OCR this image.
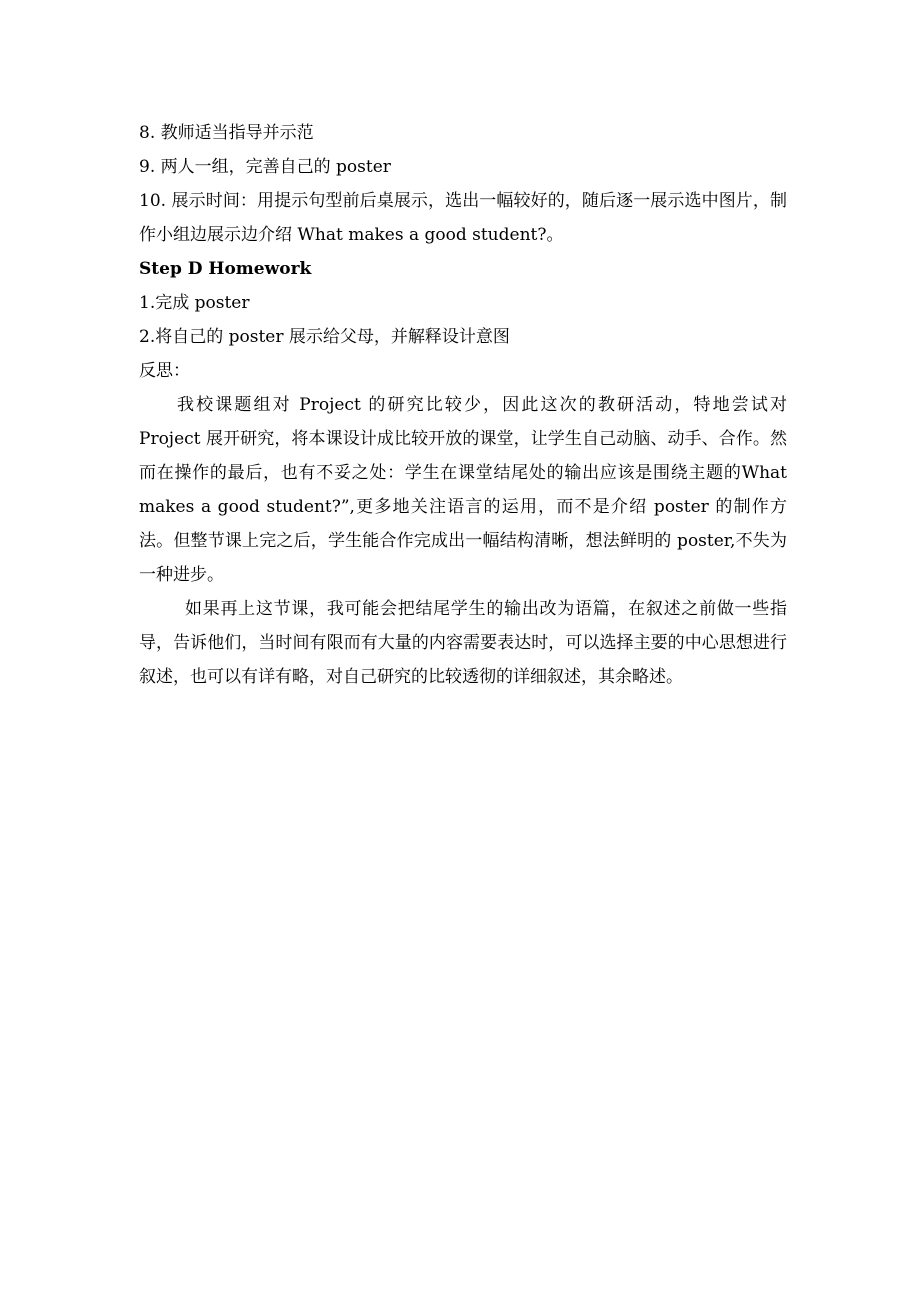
8. 教师适当指导并示范

9. 两人一组，完善自己的 poster

10. 展示时间：用提示句型前后桌展示，选出一幅较好的，随后逐一展示选中图片，制作小组边展示边介绍 What makes a good student?。

Step D Homework

1.完成 poster

2.将自己的 poster 展示给父母，并解释设计意图

反思：

我校课题组对 Project 的研究比较少，因此这次的教研活动，特地尝试对 Project 展开研究，将本课设计成比较开放的课堂，让学生自己动脑、动手、合作。然而在操作的最后，也有不妥之处：学生在课堂结尾处的输出应该是围绕主题的What makes a good student?”,更多地关注语言的运用，而不是介绍 poster 的制作方法。但整节课上完之后，学生能合作完成出一幅结构清晰，想法鲜明的 poster,不失为一种进步。

如果再上这节课，我可能会把结尾学生的输出改为语篇，在叙述之前做一些指导，告诉他们，当时间有限而有大量的内容需要表达时，可以选择主要的中心思想进行叙述，也可以有详有略，对自己研究的比较透彻的详细叙述，其余略述。
